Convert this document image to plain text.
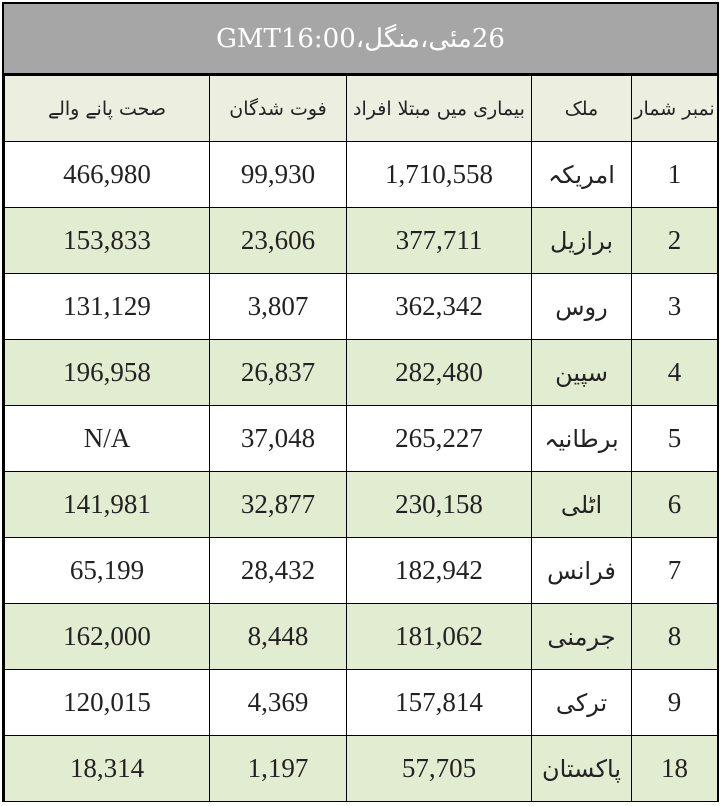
26مئی،منگل،GMT16:00
صحت پانے والے	فوت شدگان	بیماری میں مبتلا افراد	ملک	نمبر شمار
466,980	99,930	1,710,558	امریکہ	1
153,833	23,606	377,711	برازیل	2
131,129	3,807	362,342	روس	3
196,958	26,837	282,480	سپین	4
N/A	37,048	265,227	برطانیہ	5
141,981	32,877	230,158	اٹلی	6
65,199	28,432	182,942	فرانس	7
162,000	8,448	181,062	جرمنی	8
120,015	4,369	157,814	ترکی	9
18,314	1,197	57,705	پاکستان	18
